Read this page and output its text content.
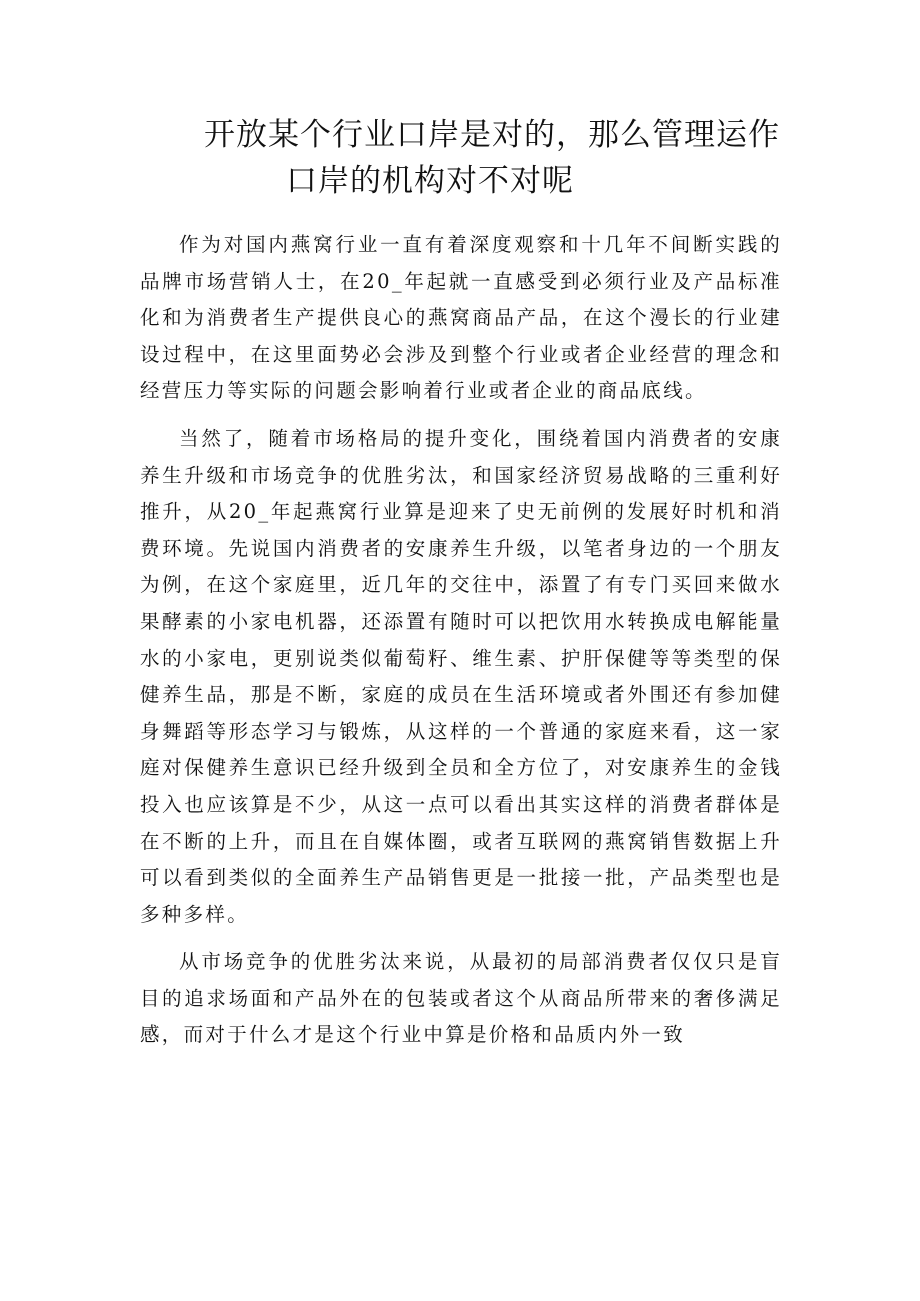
开放某个行业口岸是对的，那么管理运作
口岸的机构对不对呢

作为对国内燕窝行业一直有着深度观察和十几年不间断实践的品牌市场营销人士，在20_年起就一直感受到必须行业及产品标准化和为消费者生产提供良心的燕窝商品产品，在这个漫长的行业建设过程中，在这里面势必会涉及到整个行业或者企业经营的理念和经营压力等实际的问题会影响着行业或者企业的商品底线。

当然了，随着市场格局的提升变化，围绕着国内消费者的安康养生升级和市场竞争的优胜劣汰，和国家经济贸易战略的三重利好推升，从20_年起燕窝行业算是迎来了史无前例的发展好时机和消费环境。先说国内消费者的安康养生升级，以笔者身边的一个朋友为例，在这个家庭里，近几年的交往中，添置了有专门买回来做水果酵素的小家电机器，还添置有随时可以把饮用水转换成电解能量水的小家电，更别说类似葡萄籽、维生素、护肝保健等等类型的保健养生品，那是不断，家庭的成员在生活环境或者外围还有参加健身舞蹈等形态学习与锻炼，从这样的一个普通的家庭来看，这一家庭对保健养生意识已经升级到全员和全方位了，对安康养生的金钱投入也应该算是不少，从这一点可以看出其实这样的消费者群体是在不断的上升，而且在自媒体圈，或者互联网的燕窝销售数据上升可以看到类似的全面养生产品销售更是一批接一批，产品类型也是多种多样。

从市场竞争的优胜劣汰来说，从最初的局部消费者仅仅只是盲目的追求场面和产品外在的包装或者这个从商品所带来的奢侈满足感，而对于什么才是这个行业中算是价格和品质内外一致
